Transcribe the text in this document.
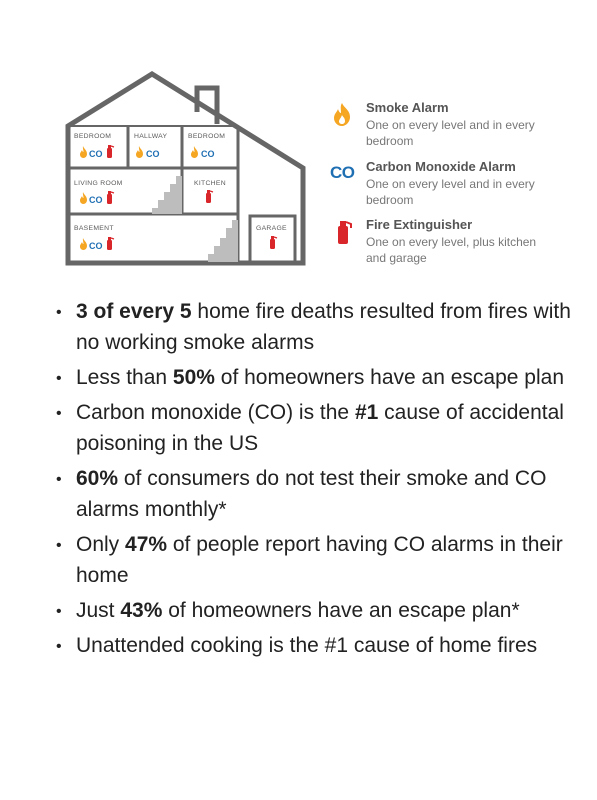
BEDROOM	HALLWAY	BEDROOM
LIVING ROOM	KITCHEN
BASEMENT	GARAGE
CO	CO	CO
CO
CO
Smoke Alarm
One on every level and in every bedroom
CO Carbon Monoxide Alarm
One on every level and in every bedroom
Fire Extinguisher
One on every level, plus kitchen and garage
• 3 of every 5 home fire deaths resulted from fires with no working smoke alarms
• Less than 50% of homeowners have an escape plan
• Carbon monoxide (CO) is the #1 cause of accidental poisoning in the US
• 60% of consumers do not test their smoke and CO alarms monthly*
• Only 47% of people report having CO alarms in their home
• Just 43% of homeowners have an escape plan*
• Unattended cooking is the #1 cause of home fires
